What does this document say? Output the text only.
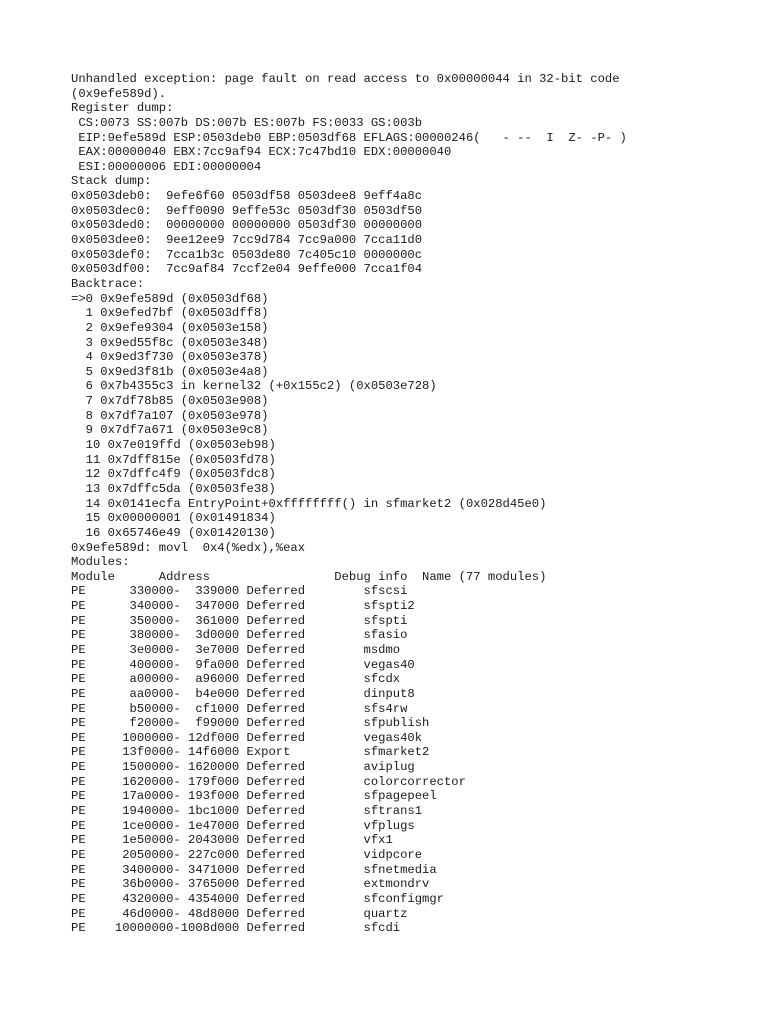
Unhandled exception: page fault on read access to 0x00000044 in 32-bit code
(0x9efe589d).
Register dump:
CS:0073 SS:007b DS:007b ES:007b FS:0033 GS:003b
EIP:9efe589d ESP:0503deb0 EBP:0503df68 EFLAGS:00000246(   - --  I  Z- -P- )
EAX:00000040 EBX:7cc9af94 ECX:7c47bd10 EDX:00000040
ESI:00000006 EDI:00000004
Stack dump:
0x0503deb0:  9efe6f60 0503df58 0503dee8 9eff4a8c
0x0503dec0:  9eff0090 9effe53c 0503df30 0503df50
0x0503ded0:  00000000 00000000 0503df30 00000000
0x0503dee0:  9ee12ee9 7cc9d784 7cc9a000 7cca11d0
0x0503def0:  7cca1b3c 0503de80 7c405c10 0000000c
0x0503df00:  7cc9af84 7ccf2e04 9effe000 7cca1f04
Backtrace:
=>0 0x9efe589d (0x0503df68)
1 0x9efed7bf (0x0503dff8)
2 0x9efe9304 (0x0503e158)
3 0x9ed55f8c (0x0503e348)
4 0x9ed3f730 (0x0503e378)
5 0x9ed3f81b (0x0503e4a8)
6 0x7b4355c3 in kernel32 (+0x155c2) (0x0503e728)
7 0x7df78b85 (0x0503e908)
8 0x7df7a107 (0x0503e978)
9 0x7df7a671 (0x0503e9c8)
10 0x7e019ffd (0x0503eb98)
11 0x7dff815e (0x0503fd78)
12 0x7dffc4f9 (0x0503fdc8)
13 0x7dffc5da (0x0503fe38)
14 0x0141ecfa EntryPoint+0xffffffff() in sfmarket2 (0x028d45e0)
15 0x00000001 (0x01491834)
16 0x65746e49 (0x01420130)
0x9efe589d: movl  0x4(%edx),%eax
Modules:
Module      Address                 Debug info  Name (77 modules)
PE      330000-  339000 Deferred        sfscsi
PE      340000-  347000 Deferred        sfspti2
PE      350000-  361000 Deferred        sfspti
PE      380000-  3d0000 Deferred        sfasio
PE      3e0000-  3e7000 Deferred        msdmo
PE      400000-  9fa000 Deferred        vegas40
PE      a00000-  a96000 Deferred        sfcdx
PE      aa0000-  b4e000 Deferred        dinput8
PE      b50000-  cf1000 Deferred        sfs4rw
PE      f20000-  f99000 Deferred        sfpublish
PE     1000000- 12df000 Deferred        vegas40k
PE     13f0000- 14f6000 Export          sfmarket2
PE     1500000- 1620000 Deferred        aviplug
PE     1620000- 179f000 Deferred        colorcorrector
PE     17a0000- 193f000 Deferred        sfpagepeel
PE     1940000- 1bc1000 Deferred        sftrans1
PE     1ce0000- 1e47000 Deferred        vfplugs
PE     1e50000- 2043000 Deferred        vfx1
PE     2050000- 227c000 Deferred        vidpcore
PE     3400000- 3471000 Deferred        sfnetmedia
PE     36b0000- 3765000 Deferred        extmondrv
PE     4320000- 4354000 Deferred        sfconfigmgr
PE     46d0000- 48d8000 Deferred        quartz
PE    10000000-1008d000 Deferred        sfcdi
